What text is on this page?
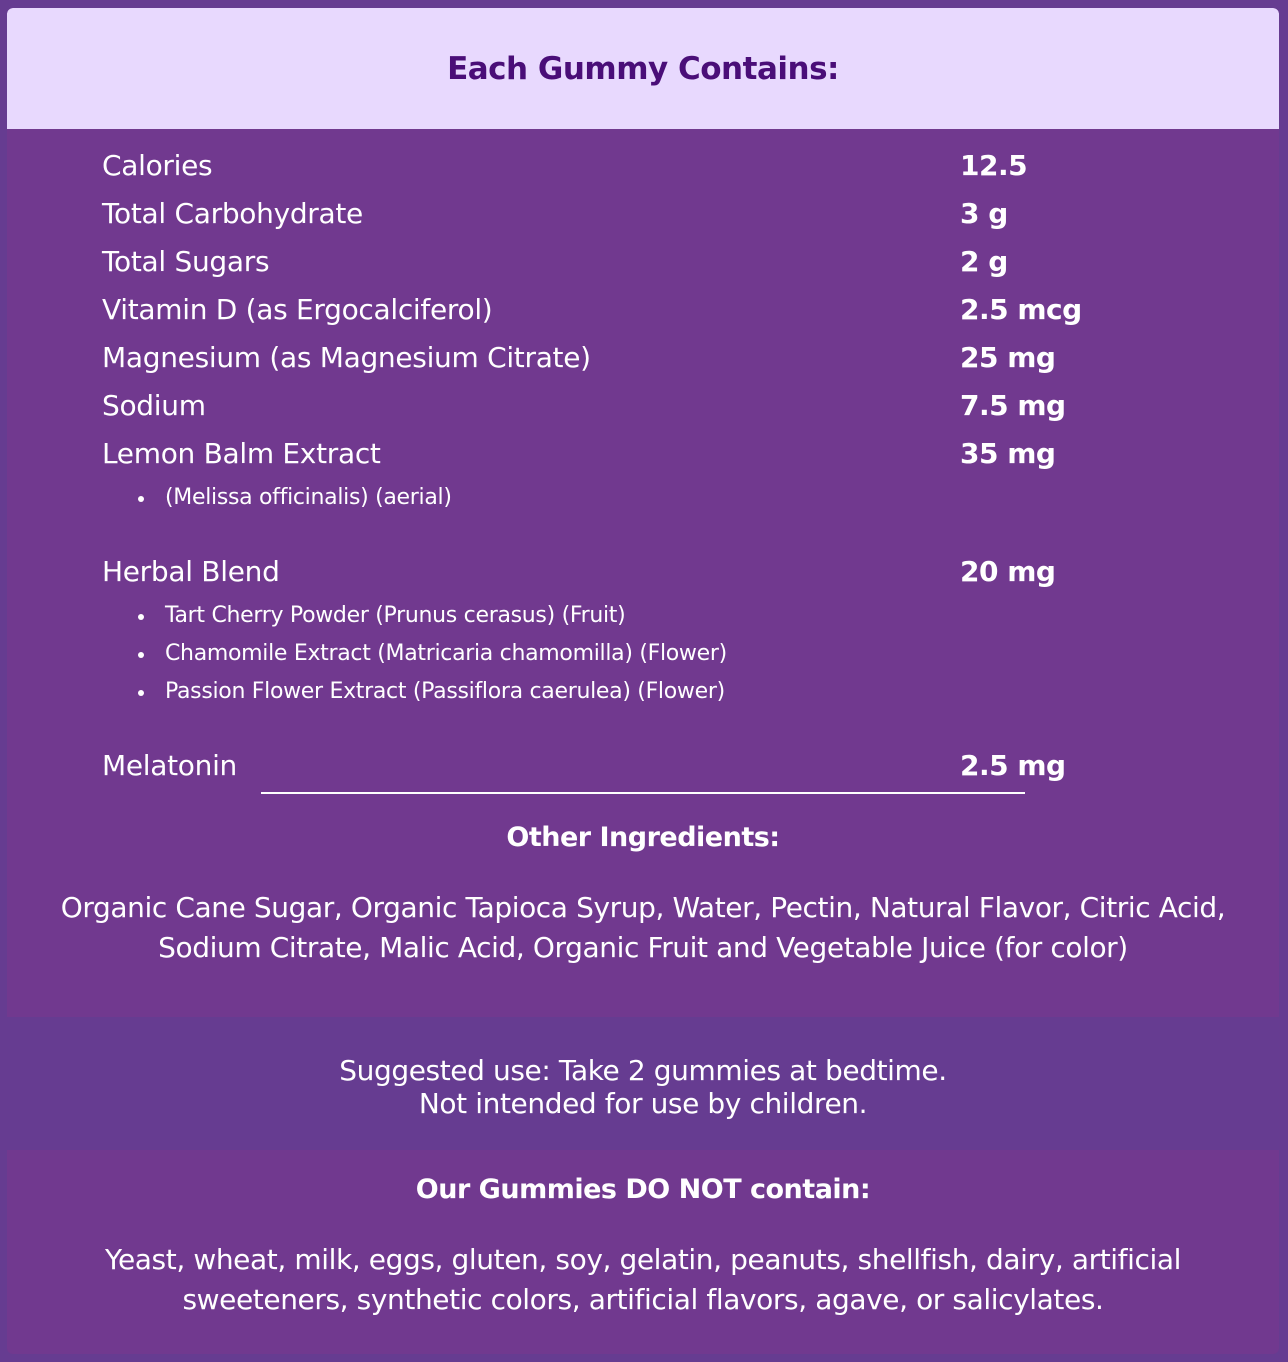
Each Gummy Contains:
Calories	12.5
Total Carbohydrate	3 g
Total Sugars	2 g
Vitamin D (as Ergocalciferol)	2.5 mcg
Magnesium (as Magnesium Citrate)	25 mg
Sodium	7.5 mg
Lemon Balm Extract	35 mg
(Melissa officinalis) (aerial)
Herbal Blend	20 mg
Tart Cherry Powder (Prunus cerasus) (Fruit)
Chamomile Extract (Matricaria chamomilla) (Flower)
Passion Flower Extract (Passiflora caerulea) (Flower)
Melatonin	2.5 mg
Other Ingredients:
Organic Cane Sugar, Organic Tapioca Syrup, Water, Pectin, Natural Flavor, Citric Acid,
Sodium Citrate, Malic Acid, Organic Fruit and Vegetable Juice (for color)
Suggested use: Take 2 gummies at bedtime.
Not intended for use by children.
Our Gummies DO NOT contain:
Yeast, wheat, milk, eggs, gluten, soy, gelatin, peanuts, shellfish, dairy, artificial
sweeteners, synthetic colors, artificial flavors, agave, or salicylates.
